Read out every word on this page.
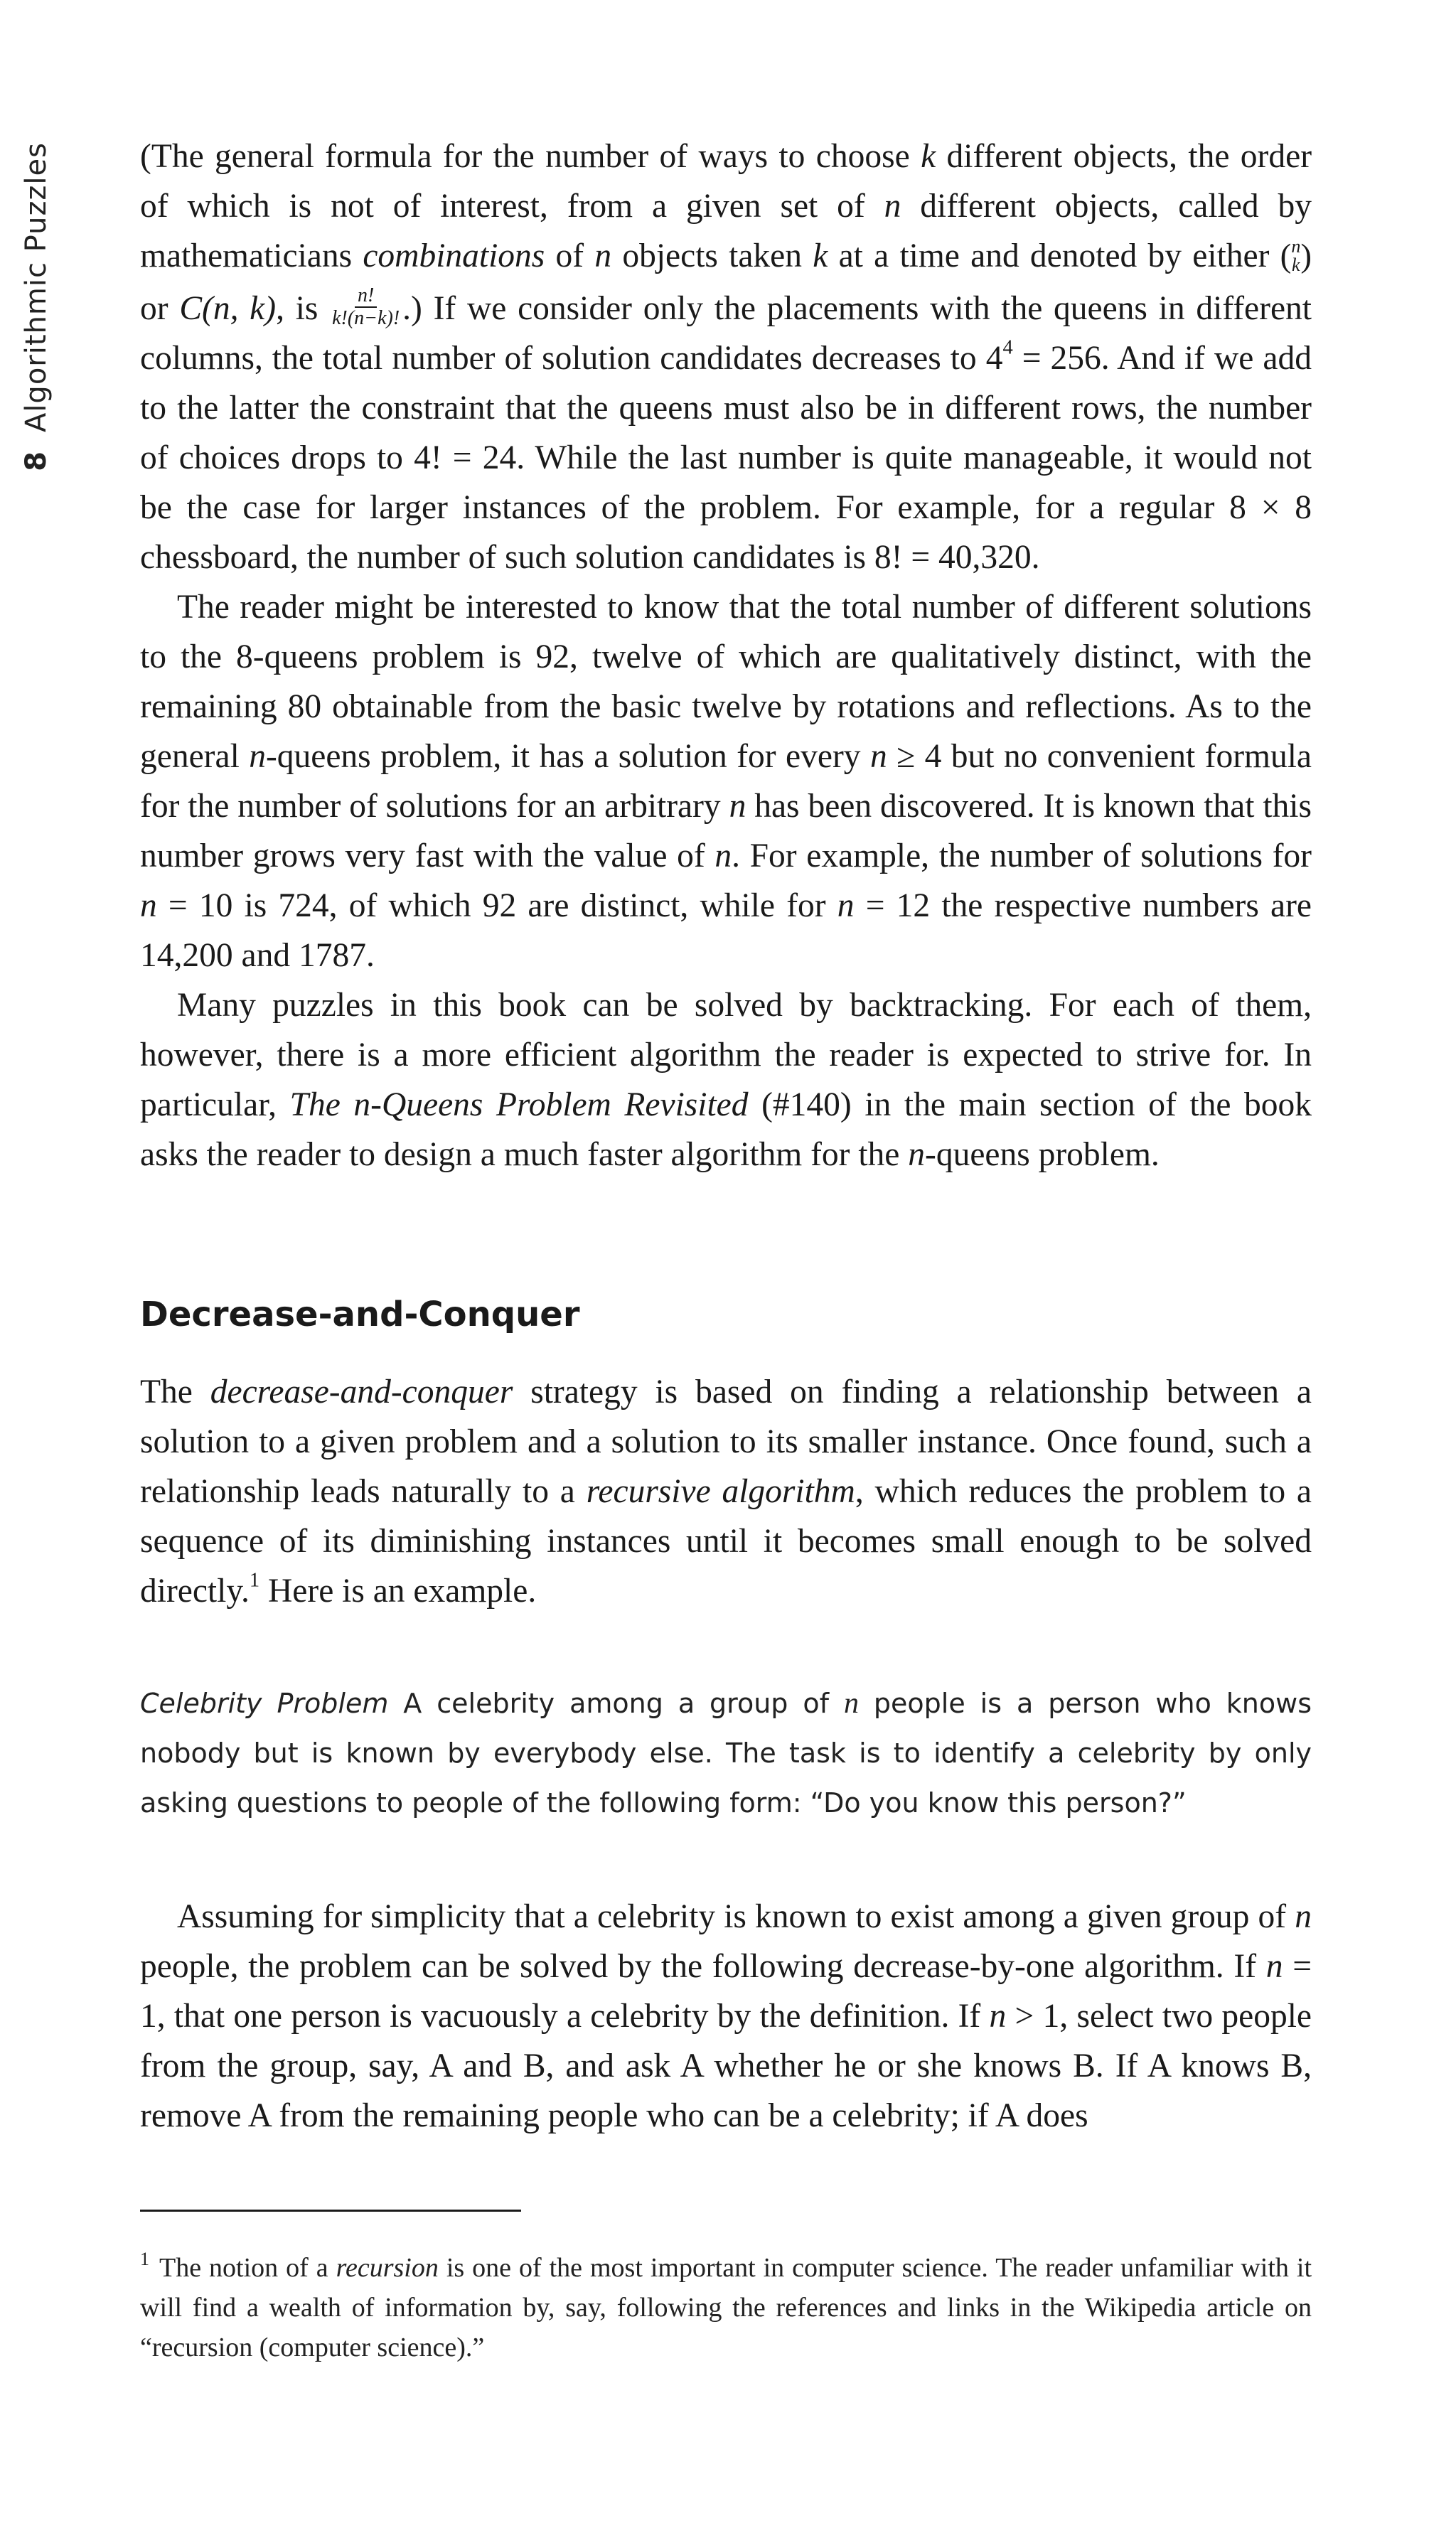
8
Algorithmic Puzzles	(The general formula for the number of ways to choose k different objects, the order of which is not of interest, from a given set of n different objects, called by mathematicians combinations of n objects taken k at a time and denoted by either ( n
k ) or C(n, k), is $\frac{n!}{k!(n-k)!}$ .) If we consider only the placements with the queens in different columns, the total number of solution candidates decreases to $4^4 = 256$. And if we add to the latter the constraint that the queens must also be in different rows, the number of choices drops to 4! = 24. While the last number is quite manageable, it would not be the case for larger instances of the problem. For example, for a regular 8 × 8 chessboard, the number of such solution candidates is 8! = 40,320.

The reader might be interested to know that the total number of different solutions to the 8-queens problem is 92, twelve of which are qualitatively distinct, with the remaining 80 obtainable from the basic twelve by rotations and reflections. As to the general n-queens problem, it has a solution for every n ≥ 4 but no convenient formula for the number of solutions for an arbitrary n has been discovered. It is known that this number grows very fast with the value of n. For example, the number of solutions for n = 10 is 724, of which 92 are distinct, while for n = 12 the respective numbers are 14,200 and 1787.

Many puzzles in this book can be solved by backtracking. For each of them, however, there is a more efficient algorithm the reader is expected to strive for. In particular, The n-Queens Problem Revisited (#140) in the main section of the book asks the reader to design a much faster algorithm for the n-queens problem.

Decrease-and-Conquer

The decrease-and-conquer strategy is based on finding a relationship between a solution to a given problem and a solution to its smaller instance. Once found, such a relationship leads naturally to a recursive algorithm, which reduces the problem to a sequence of its diminishing instances until it becomes small enough to be solved directly.$^1$ Here is an example.

Celebrity Problem A celebrity among a group of n people is a person who knows nobody but is known by everybody else. The task is to identify a celebrity by only asking questions to people of the following form: “Do you know this person?”

Assuming for simplicity that a celebrity is known to exist among a given group of n people, the problem can be solved by the following decrease-by-one algorithm. If n = 1, that one person is vacuously a celebrity by the definition. If n > 1, select two people from the group, say, A and B, and ask A whether he or she knows B. If A knows B, remove A from the remaining people who can be a celebrity; if A does

$^1$ The notion of a recursion is one of the most important in computer science. The reader unfamiliar with it will find a wealth of information by, say, following the references and links in the Wikipedia article on “recursion (computer science).”
